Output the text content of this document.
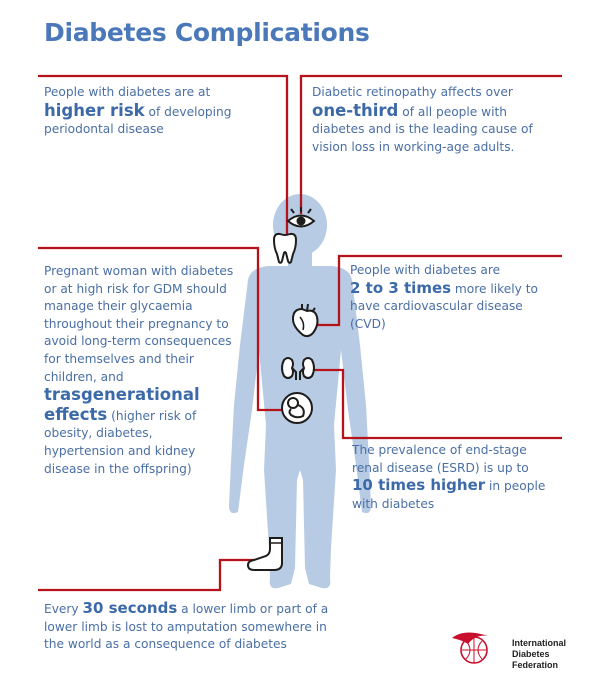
Diabetes Complications
People with diabetes are at
higher risk of developing periodontal disease
Diabetic retinopathy affects over
one-third of all people with diabetes and is the leading cause of vision loss in working-age adults.
Pregnant woman with diabetes or at high risk for GDM should manage their glycaemia throughout their pregnancy to avoid long-term consequences for themselves and their children, and
trasgenerational effects (higher risk of obesity, diabetes, hypertension and kidney disease in the offspring)
People with diabetes are
2 to 3 times more likely to have cardiovascular disease (CVD)
The prevalence of end-stage renal disease (ESRD) is up to 10 times higher in people with diabetes
Every 30 seconds a lower limb or part of a lower limb is lost to amputation somewhere in the world as a consequence of diabetes	International
Diabetes
Federation
